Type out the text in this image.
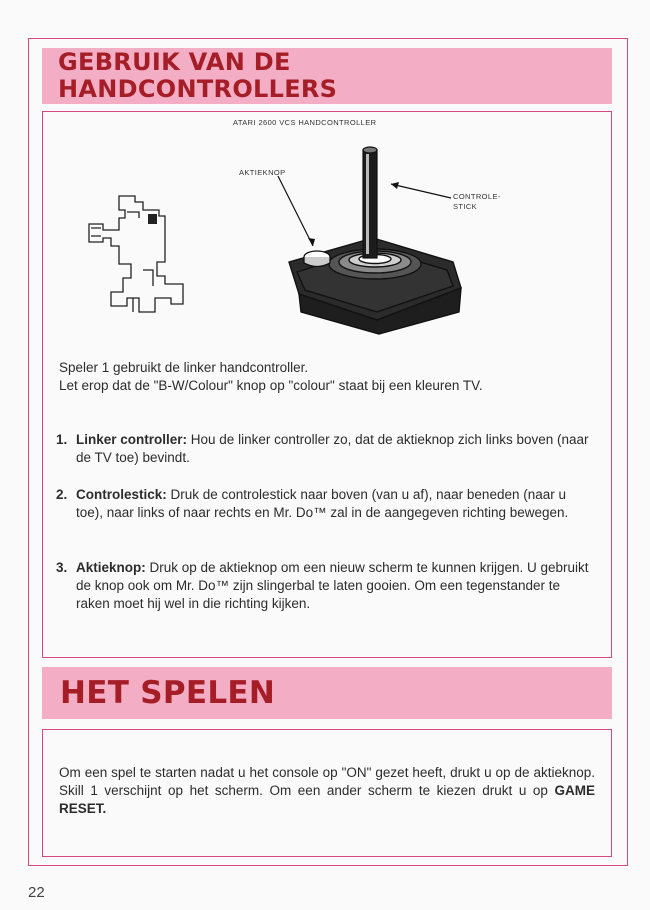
GEBRUIK VAN DE
HANDCONTROLLERS
ATARI 2600 VCS HANDCONTROLLER
AKTIEKNOP
CONTROLE-
STICK

Speler 1 gebruikt de linker handcontroller.
Let erop dat de "B-W/Colour" knop op "colour" staat bij een kleuren TV.

1. Linker controller: Hou de linker controller zo, dat de aktieknop zich links boven (naar de TV toe) bevindt.

2. Controlestick: Druk de controlestick naar boven (van u af), naar beneden (naar u toe), naar links of naar rechts en Mr. Do™ zal in de aangegeven richting bewegen.

3. Aktieknop: Druk op de aktieknop om een nieuw scherm te kunnen krijgen. U gebruikt de knop ook om Mr. Do™ zijn slingerbal te laten gooien. Om een tegenstander te raken moet hij wel in die richting kijken.

HET SPELEN

Om een spel te starten nadat u het console op "ON" gezet heeft, drukt u op de aktieknop. Skill 1 verschijnt op het scherm. Om een ander scherm te kiezen drukt u op GAME RESET.

22
